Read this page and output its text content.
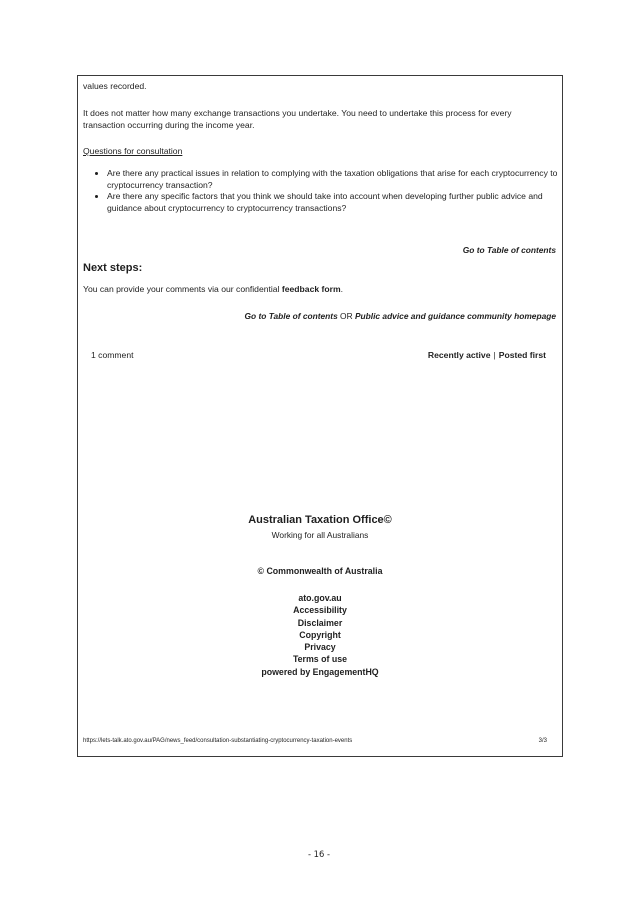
values recorded.

It does not matter how many exchange transactions you undertake. You need to undertake this process for every transaction occurring during the income year.

Questions for consultation

• Are there any practical issues in relation to complying with the taxation obligations that arise for each cryptocurrency to cryptocurrency transaction?
• Are there any specific factors that you think we should take into account when developing further public advice and guidance about cryptocurrency to cryptocurrency transactions?
Go to Table of contents
Next steps:

You can provide your comments via our confidential feedback form.

Go to Table of contents OR Public advice and guidance community homepage
1 comment	Recently active | Posted first
Australian Taxation Office©
Working for all Australians
© Commonwealth of Australia
ato.gov.au
Accessibility
Disclaimer
Copyright
Privacy
Terms of use
powered by EngagementHQ
https://lets-talk.ato.gov.au/PAG/news_feed/consultation-substantiating-cryptocurrency-taxation-events	3/3
- 16 -
